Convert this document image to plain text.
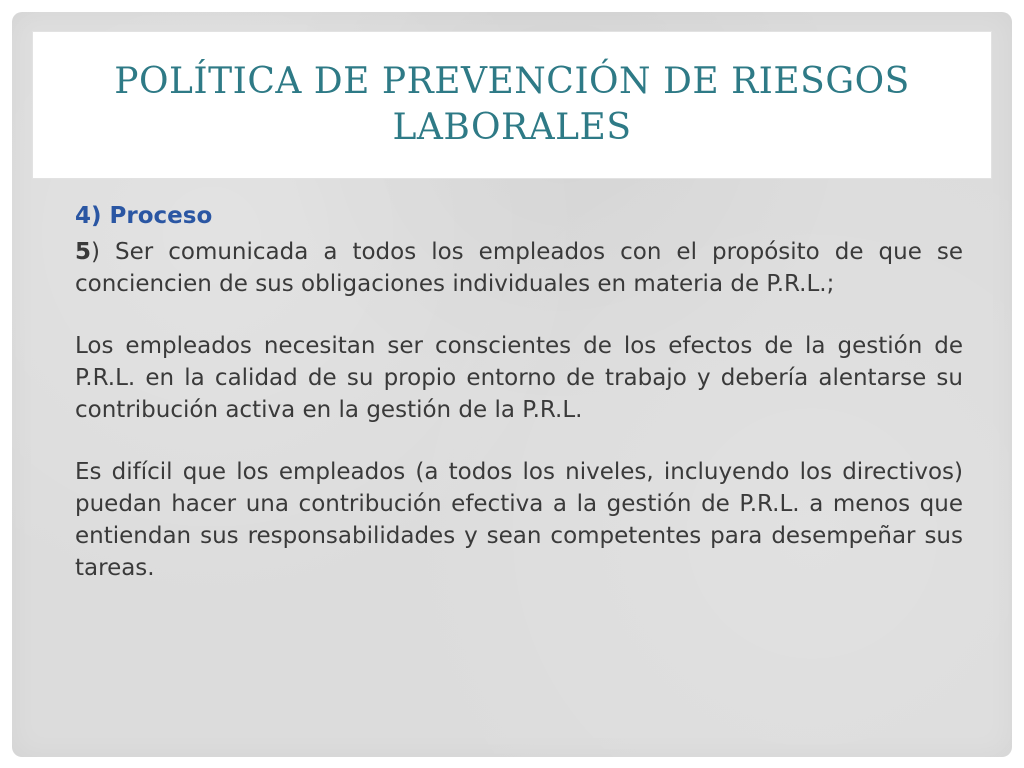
POLÍTICA DE PREVENCIÓN DE RIESGOS LABORALES
4) Proceso

5) Ser comunicada a todos los empleados con el propósito de que se conciencien de sus obligaciones individuales en materia de P.R.L.;

Los empleados necesitan ser conscientes de los efectos de la gestión de P.R.L. en la calidad de su propio entorno de trabajo y debería alentarse su contribución activa en la gestión de la P.R.L.

Es difícil que los empleados (a todos los niveles, incluyendo los directivos) puedan hacer una contribución efectiva a la gestión de P.R.L. a menos que entiendan sus responsabilidades y sean competentes para desempeñar sus tareas.
